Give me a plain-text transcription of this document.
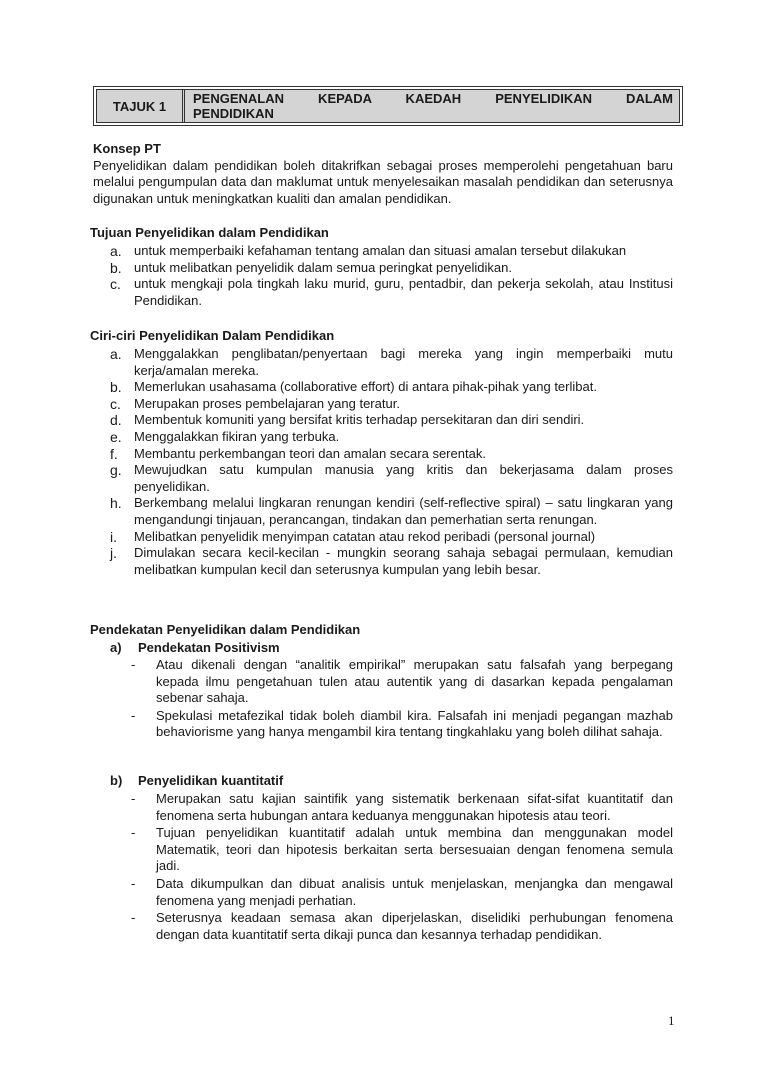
TAJUK 1	PENGENALAN KEPADA KAEDAH PENYELIDIKAN DALAM
PENDIDIKAN
Konsep PT
Penyelidikan dalam pendidikan boleh ditakrifkan sebagai proses memperolehi pengetahuan baru melalui pengumpulan data dan maklumat untuk menyelesaikan masalah pendidikan dan seterusnya digunakan untuk meningkatkan kualiti dan amalan pendidikan.
Tujuan Penyelidikan dalam Pendidikan
a. untuk memperbaiki kefahaman tentang amalan dan situasi amalan tersebut dilakukan
b. untuk melibatkan penyelidik dalam semua peringkat penyelidikan.
c.	untuk mengkaji pola tingkah laku murid, guru, pentadbir, dan pekerja sekolah, atau Institusi Pendidikan.
Ciri-ciri Penyelidikan Dalam Pendidikan
a. Menggalakkan penglibatan/penyertaan bagi mereka yang ingin memperbaiki mutu kerja/amalan mereka.
b. Memerlukan usahasama (collaborative effort) di antara pihak-pihak yang terlibat.
c.	Merupakan proses pembelajaran yang teratur.
d. Membentuk komuniti yang bersifat kritis terhadap persekitaran dan diri sendiri.
e. Menggalakkan fikiran yang terbuka.
f.	Membantu perkembangan teori dan amalan secara serentak.
g. Mewujudkan satu kumpulan manusia yang kritis dan bekerjasama dalam proses penyelidikan.
h. Berkembang melalui lingkaran renungan kendiri (self-reflective spiral) – satu lingkaran yang mengandungi tinjauan, perancangan, tindakan dan pemerhatian serta renungan.
i.	Melibatkan penyelidik menyimpan catatan atau rekod peribadi (personal journal)
j.	Dimulakan secara kecil-kecilan - mungkin seorang sahaja sebagai permulaan, kemudian melibatkan kumpulan kecil dan seterusnya kumpulan yang lebih besar.
Pendekatan Penyelidikan dalam Pendidikan
a)	Pendekatan Positivism
-	Atau dikenali dengan “analitik empirikal” merupakan satu falsafah yang berpegang kepada ilmu pengetahuan tulen atau autentik yang di dasarkan kepada pengalaman sebenar sahaja.
-	Spekulasi metafezikal tidak boleh diambil kira. Falsafah ini menjadi pegangan mazhab behaviorisme yang hanya mengambil kira tentang tingkahlaku yang boleh dilihat sahaja.
b)	Penyelidikan kuantitatif
-	Merupakan satu kajian saintifik yang sistematik berkenaan sifat-sifat kuantitatif dan fenomena serta hubungan antara keduanya menggunakan hipotesis atau teori.
-	Tujuan penyelidikan kuantitatif adalah untuk membina dan menggunakan model Matematik, teori dan hipotesis berkaitan serta bersesuaian dengan fenomena semula jadi.
-	Data dikumpulkan dan dibuat analisis untuk menjelaskan, menjangka dan mengawal fenomena yang menjadi perhatian.
-	Seterusnya keadaan semasa akan diperjelaskan, diselidiki perhubungan fenomena dengan data kuantitatif serta dikaji punca dan kesannya terhadap pendidikan.
1
